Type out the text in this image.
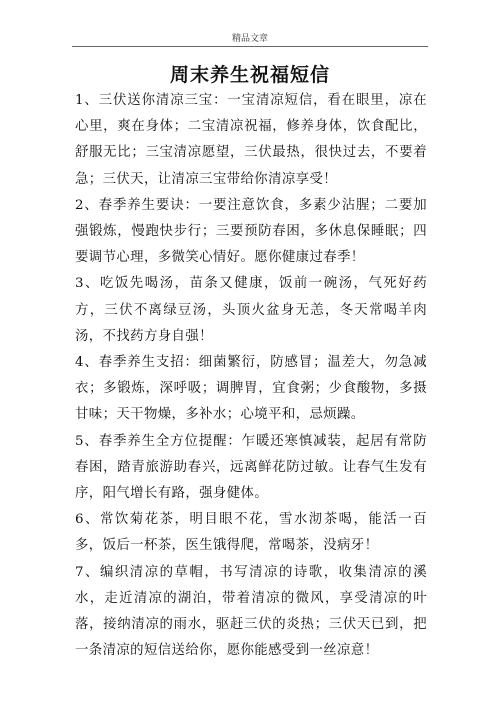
精品文章
周末养生祝福短信

1、三伏送你清凉三宝：一宝清凉短信，看在眼里，凉在心里，爽在身体；二宝清凉祝福，修养身体，饮食配比，舒服无比；三宝清凉愿望，三伏最热，很快过去，不要着急；三伏天，让清凉三宝带给你清凉享受！

2、春季养生要诀：一要注意饮食，多素少沾腥；二要加强锻炼，慢跑快步行；三要预防春困，多休息保睡眠；四要调节心理，多微笑心情好。愿你健康过春季！

3、吃饭先喝汤，苗条又健康，饭前一碗汤，气死好药方，三伏不离绿豆汤，头顶火盆身无恙，冬天常喝羊肉汤，不找药方身自强！

4、春季养生支招：细菌繁衍，防感冒；温差大，勿急减衣；多锻炼，深呼吸；调脾胃，宜食粥；少食酸物，多摄甘味；天干物燥，多补水；心境平和，忌烦躁。

5、春季养生全方位提醒：乍暖还寒慎减装，起居有常防春困，踏青旅游助春兴，远离鲜花防过敏。让春气生发有序，阳气增长有路，强身健体。

6、常饮菊花茶，明目眼不花，雪水沏茶喝，能活一百多，饭后一杯茶，医生饿得爬，常喝茶，没病牙！

7、编织清凉的草帽，书写清凉的诗歌，收集清凉的溪水，走近清凉的湖泊，带着清凉的微风，享受清凉的叶落，接纳清凉的雨水，驱赶三伏的炎热；三伏天已到，把一条清凉的短信送给你，愿你能感受到一丝凉意！
